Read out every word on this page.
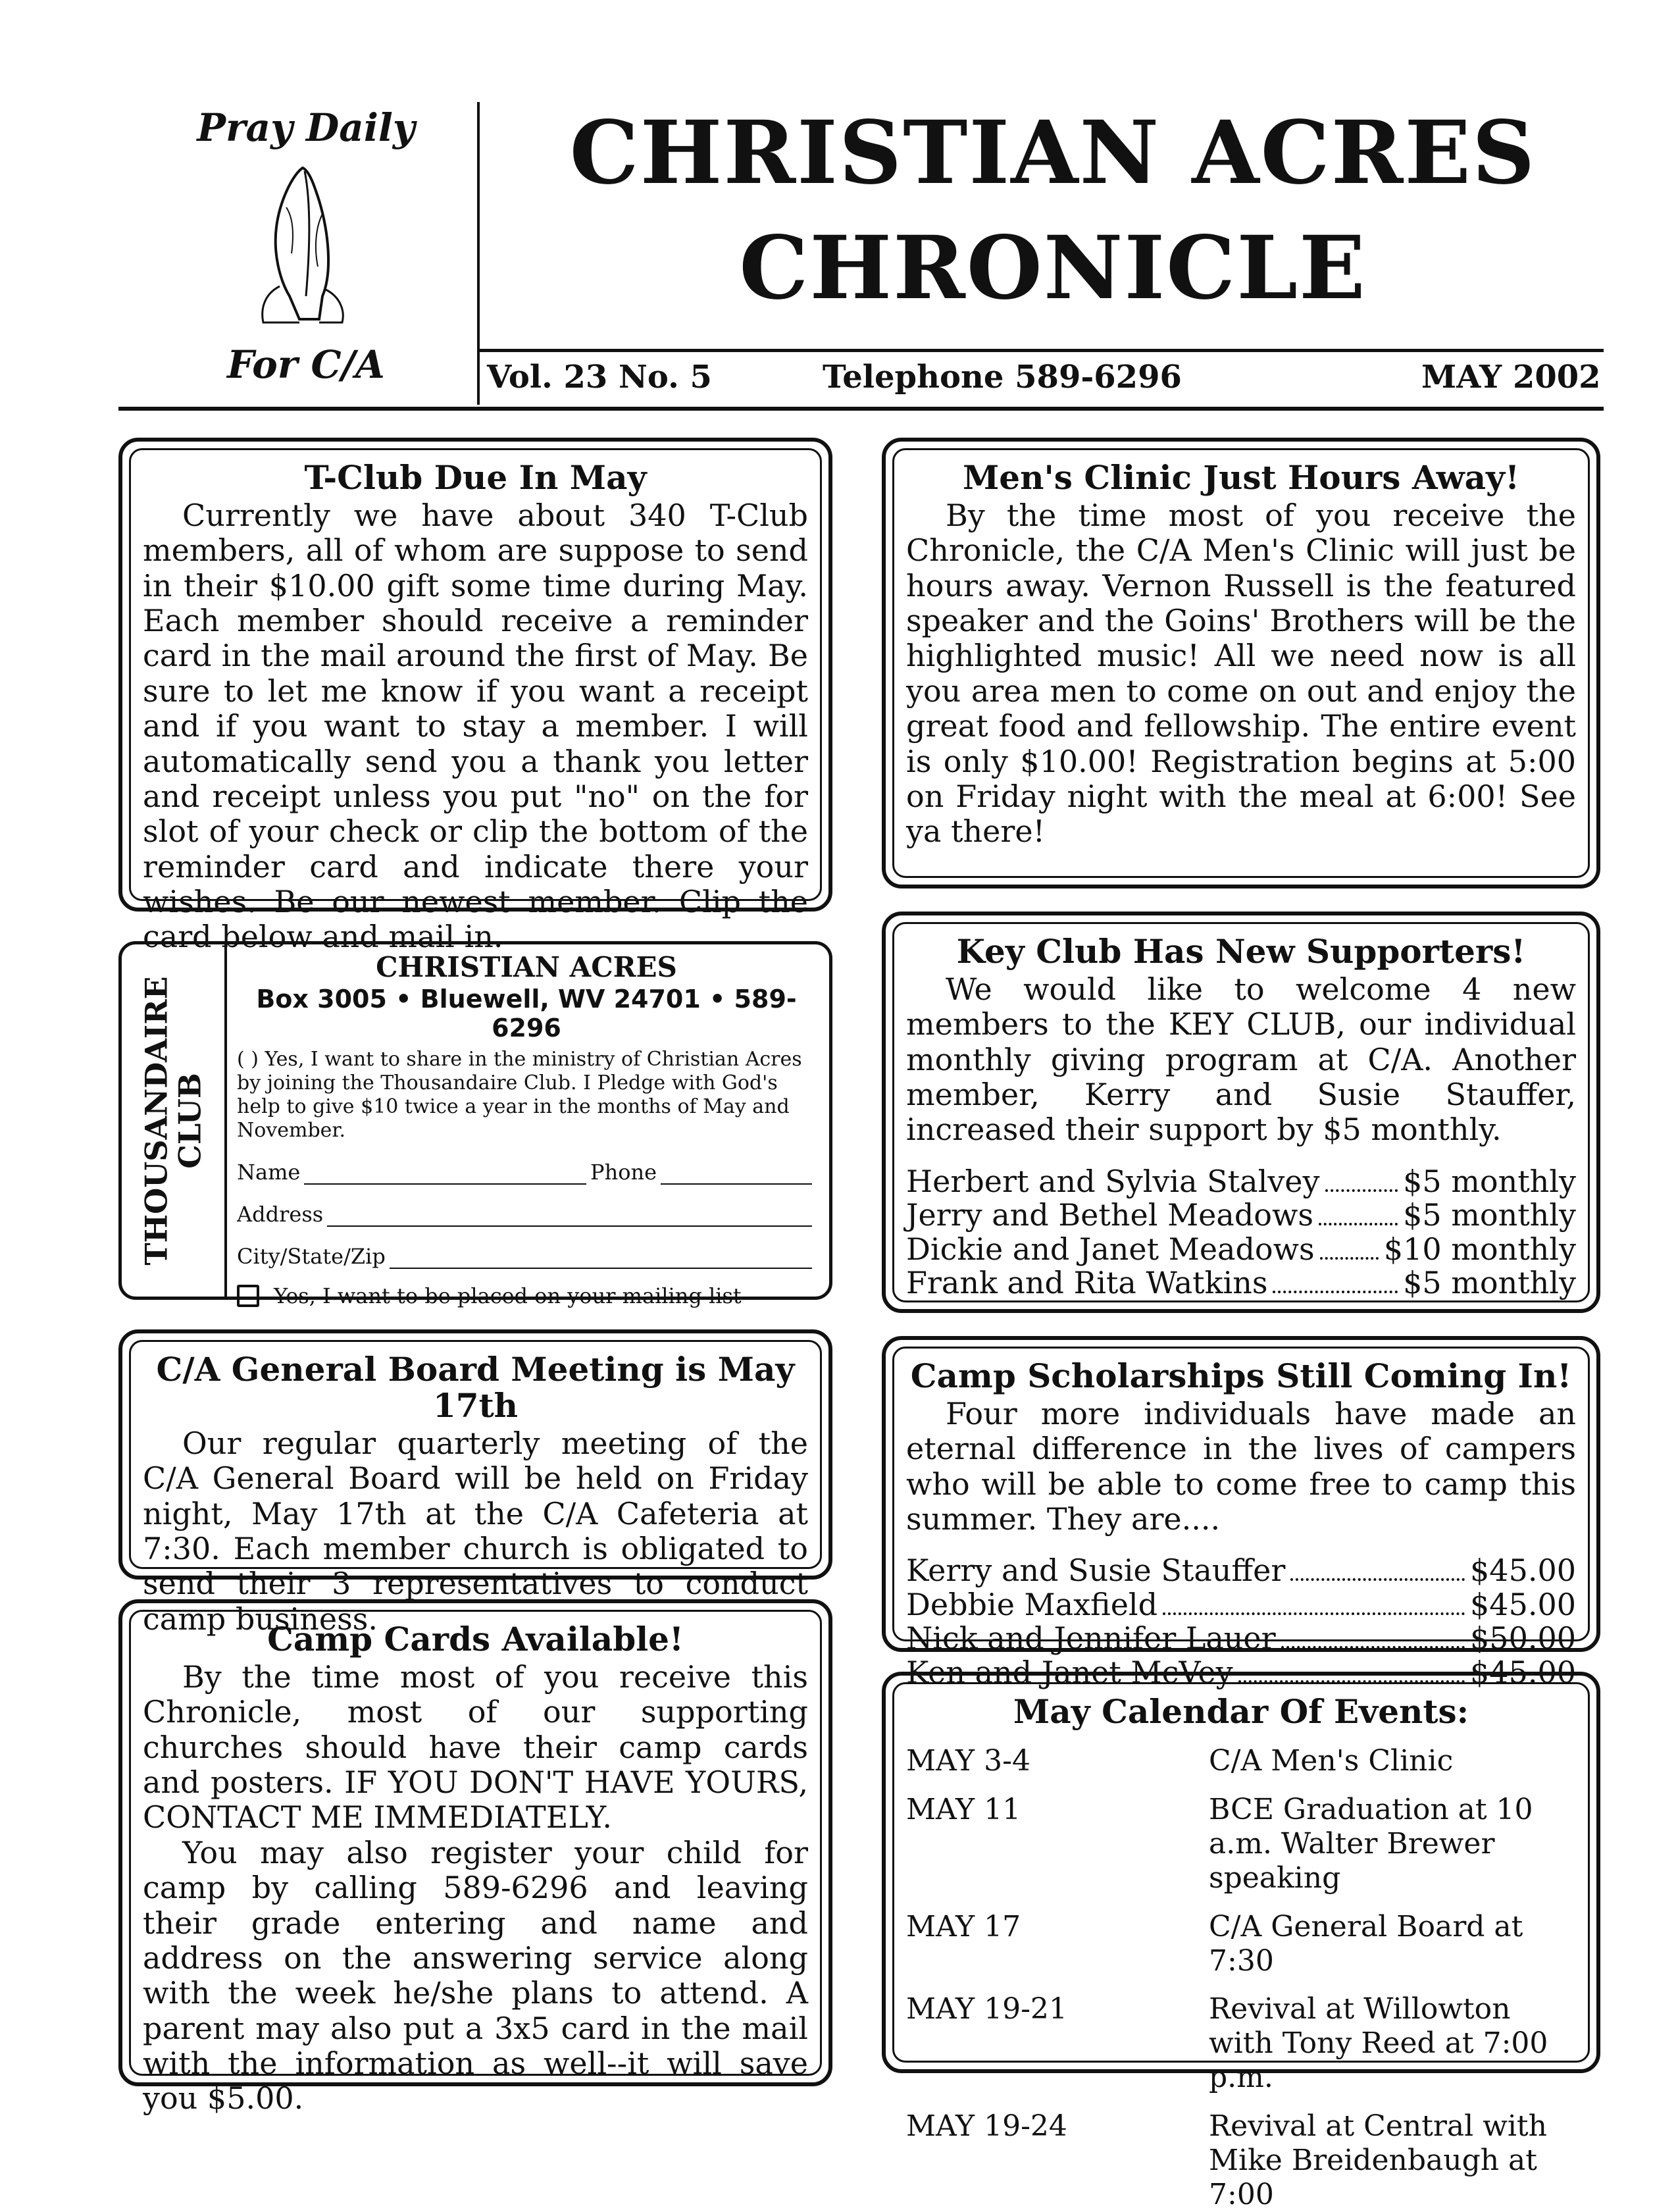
Pray Daily
For C/A
CHRISTIAN ACRES
CHRONICLE
Vol. 23 No. 5	Telephone 589-6296	MAY 2002
T-Club Due In May

Currently we have about 340 T-Club members, all of whom are suppose to send in their $10.00 gift some time during May. Each member should receive a reminder card in the mail around the first of May. Be sure to let me know if you want a receipt and if you want to stay a member. I will automatically send you a thank you letter and receipt unless you put "no" on the for slot of your check or clip the bottom of the reminder card and indicate there your wishes. Be our newest member. Clip the card below and mail in.

Men's Clinic Just Hours Away!

By the time most of you receive the Chronicle, the C/A Men's Clinic will just be hours away. Vernon Russell is the featured speaker and the Goins' Brothers will be the highlighted music! All we need now is all you area men to come on out and enjoy the great food and fellowship. The entire event is only $10.00! Registration begins at 5:00 on Friday night with the meal at 6:00! See ya there!

THOUSANDAIRE
CLUB
CHRISTIAN ACRES
Box 3005 • Bluewell, WV 24701 • 589-6296
( ) Yes, I want to share in the ministry of Christian Acres by joining the Thousandaire Club. I Pledge with God's help to give $10 twice a year in the months of May and November.
Name	Phone
Address
City/State/Zip
Yes, I want to be placed on your mailing list
Key Club Has New Supporters!

We would like to welcome 4 new members to the KEY CLUB, our individual monthly giving program at C/A. Another member, Kerry and Susie Stauffer, increased their support by $5 monthly.

Herbert and Sylvia Stalvey	$5 monthly
Jerry and Bethel Meadows	$5 monthly
Dickie and Janet Meadows $10 monthly
Frank and Rita Watkins	$5 monthly
C/A General Board Meeting is May 17th

Our regular quarterly meeting of the C/A General Board will be held on Friday night, May 17th at the C/A Cafeteria at 7:30. Each member church is obligated to send their 3 representatives to conduct camp business.

Camp Scholarships Still Coming In!

Four more individuals have made an eternal difference in the lives of campers who will be able to come free to camp this summer. They are....

Kerry and Susie Stauffer	$45.00
Debbie Maxfield	$45.00
Nick and Jennifer Lauer	$50.00
Ken and Janet McVey	$45.00
Camp Cards Available!

By the time most of you receive this Chronicle, most of our supporting churches should have their camp cards and posters. IF YOU DON'T HAVE YOURS, CONTACT ME IMMEDIATELY.

You may also register your child for camp by calling 589-6296 and leaving their grade entering and name and address on the answering service along with the week he/she plans to attend. A parent may also put a 3x5 card in the mail with the information as well--it will save you $5.00.

May Calendar Of Events:
MAY 3-4	C/A Men's Clinic
MAY 11	BCE Graduation at 10 a.m. Walter Brewer speaking
MAY 17	C/A General Board at 7:30
MAY 19-21	Revival at Willowton with Tony Reed at 7:00 p.m.
MAY 19-24	Revival at Central with Mike Breidenbaugh at 7:00
